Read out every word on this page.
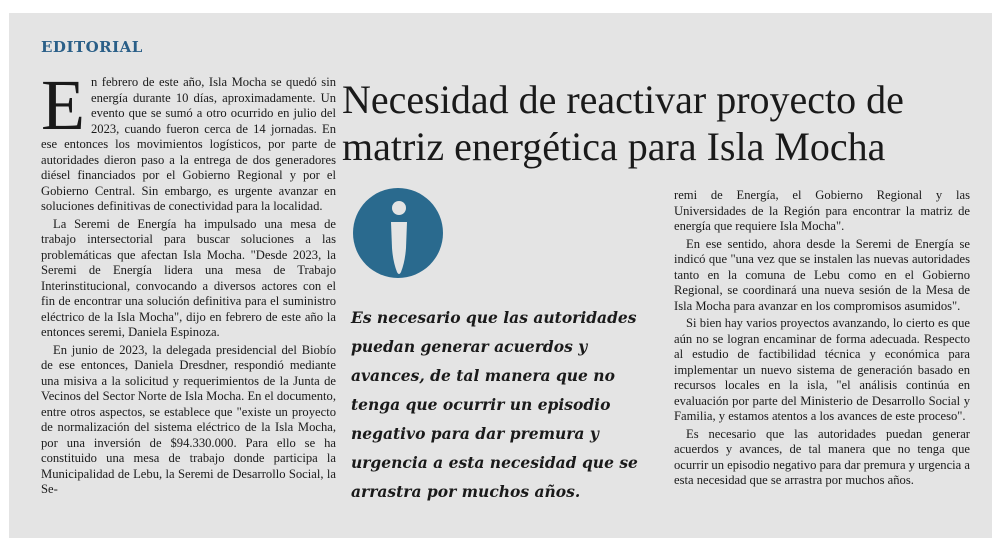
EDITORIAL

En febrero de este año, Isla Mocha se quedó sin energía durante 10 días, aproximadamente. Un evento que se sumó a otro ocurrido en julio del 2023, cuando fueron cerca de 14 jornadas. En ese entonces los movimientos logísticos, por parte de autoridades dieron paso a la entrega de dos generadores diésel financiados por el Gobierno Regional y por el Gobierno Central. Sin embargo, es urgente avanzar en soluciones definitivas de conectividad para la localidad.

La Seremi de Energía ha impulsado una mesa de trabajo intersectorial para buscar soluciones a las problemáticas que afectan Isla Mocha. "Desde 2023, la Seremi de Energía lidera una mesa de Trabajo Interinstitucional, convocando a diversos actores con el fin de encontrar una solución definitiva para el suministro eléctrico de la Isla Mocha", dijo en febrero de este año la entonces seremi, Daniela Espinoza.

En junio de 2023, la delegada presidencial del Biobío de ese entonces, Daniela Dresdner, respondió mediante una misiva a la solicitud y requerimientos de la Junta de Vecinos del Sector Norte de Isla Mocha. En el documento, entre otros aspectos, se establece que "existe un proyecto de normalización del sistema eléctrico de la Isla Mocha, por una inversión de $94.330.000. Para ello se ha constituido una mesa de trabajo donde participa la Municipalidad de Lebu, la Seremi de Desarrollo Social, la Se-

Necesidad de reactivar proyecto de matriz energética para Isla Mocha
Es necesario que las autoridades puedan generar acuerdos y avances, de tal manera que no tenga que ocurrir un episodio negativo para dar premura y urgencia a esta necesidad que se arrastra por muchos años.

remi de Energía, el Gobierno Regional y las Universidades de la Región para encontrar la matriz de energía que requiere Isla Mocha".

En ese sentido, ahora desde la Seremi de Energía se indicó que "una vez que se instalen las nuevas autoridades tanto en la comuna de Lebu como en el Gobierno Regional, se coordinará una nueva sesión de la Mesa de Isla Mocha para avanzar en los compromisos asumidos".

Si bien hay varios proyectos avanzando, lo cierto es que aún no se logran encaminar de forma adecuada. Respecto al estudio de factibilidad técnica y económica para implementar un nuevo sistema de generación basado en recursos locales en la isla, "el análisis continúa en evaluación por parte del Ministerio de Desarrollo Social y Familia, y estamos atentos a los avances de este proceso".

Es necesario que las autoridades puedan generar acuerdos y avances, de tal manera que no tenga que ocurrir un episodio negativo para dar premura y urgencia a esta necesidad que se arrastra por muchos años.
